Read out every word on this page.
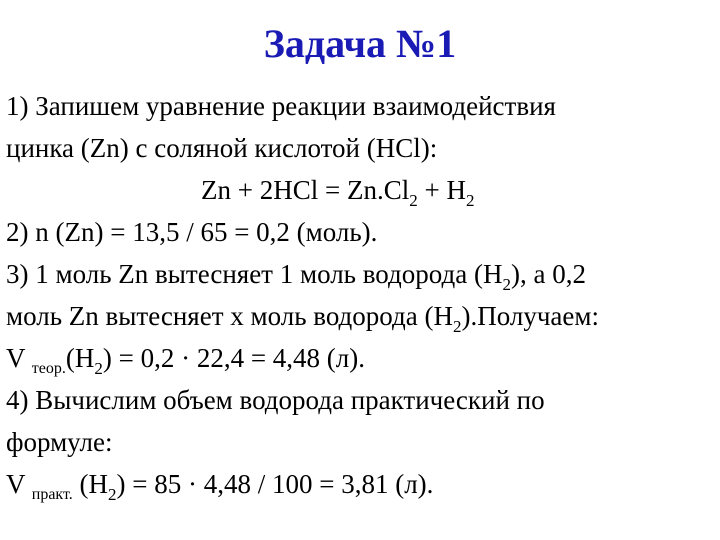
Задача №1
1) Запишем уравнение реакции взаимодействия
цинка (Zn) с соляной кислотой (HCl):
$Zn + 2HCl = Zn.Cl_2 + H_2$
2) n (Zn) = 13,5 / 65 = 0,2 (моль).
3) 1 моль Zn вытесняет 1 моль водорода $(H_2)$, а 0,2
моль Zn вытесняет x моль водорода $(H_2).Получаем$:
V $_{теор.}(H_2) = 0,2 \cdot 22,4 = 4,48$ (л).
4) Вычислим объем водорода практический по
формуле:
V $_{практ.}$ $(H_2) = 85 \cdot 4,48 / 100 = 3,81$ (л).
